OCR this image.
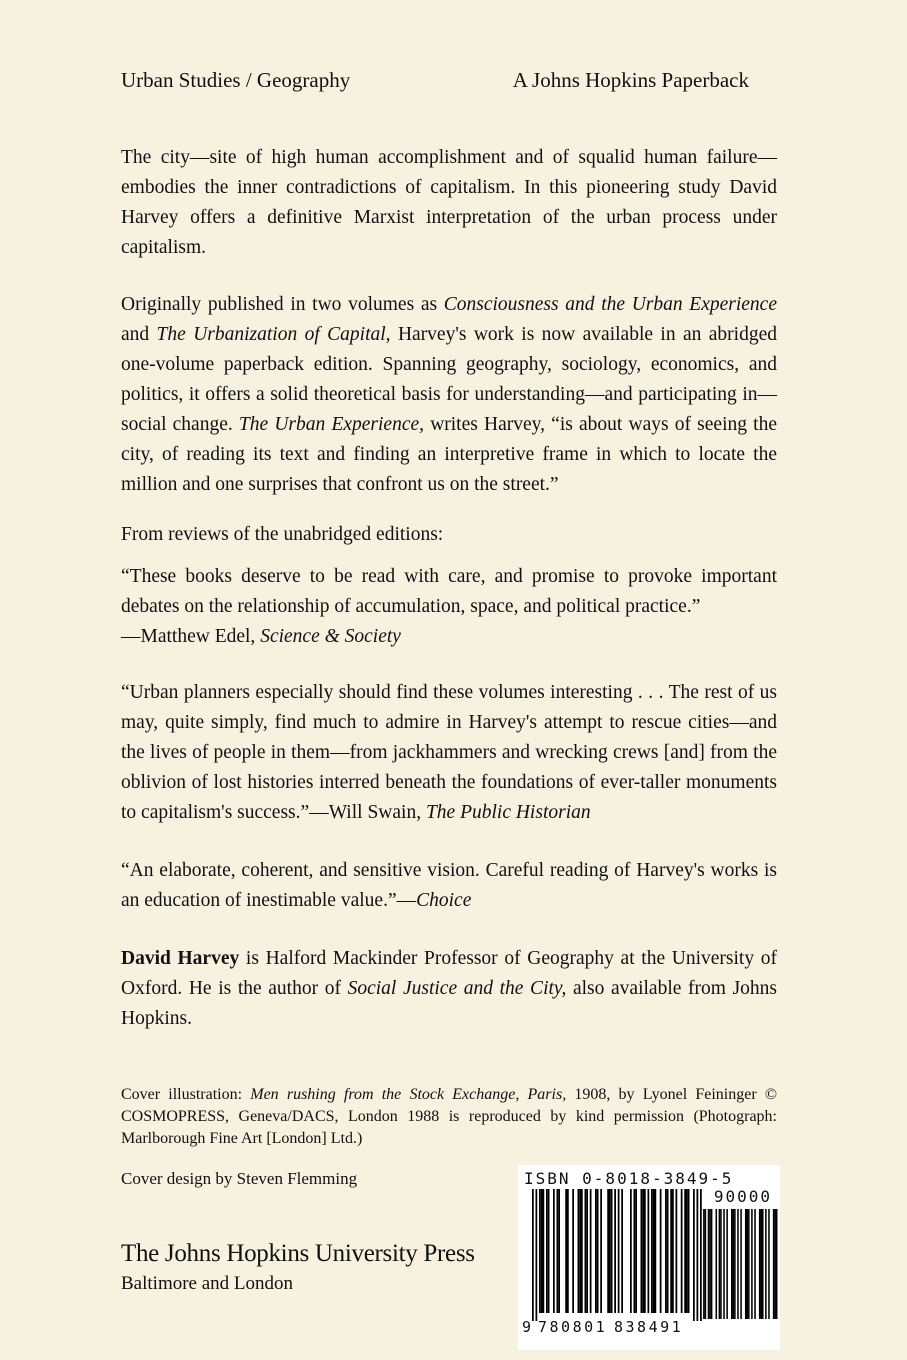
Urban Studies / Geography	A Johns Hopkins Paperback

The city—site of high human accomplishment and of squalid human failure—embodies the inner contradictions of capitalism. In this pioneering study David Harvey offers a definitive Marxist interpretation of the urban process under capitalism.

Originally published in two volumes as Consciousness and the Urban Experience and The Urbanization of Capital, Harvey's work is now available in an abridged one-volume paperback edition. Spanning geography, sociology, economics, and politics, it offers a solid theoretical basis for understanding—and participating in—social change. The Urban Experience, writes Harvey, “is about ways of seeing the city, of reading its text and finding an interpretive frame in which to locate the million and one surprises that confront us on the street.”

From reviews of the unabridged editions:

“These books deserve to be read with care, and promise to provoke important debates on the relationship of accumulation, space, and political practice.”
—Matthew Edel, Science & Society

“Urban planners especially should find these volumes interesting . . . The rest of us may, quite simply, find much to admire in Harvey's attempt to rescue cities—and the lives of people in them—from jackhammers and wrecking crews [and] from the oblivion of lost histories interred beneath the foundations of ever-taller monuments to capitalism's success.”—Will Swain, The Public Historian

“An elaborate, coherent, and sensitive vision. Careful reading of Harvey's works is an education of inestimable value.”—Choice

David Harvey is Halford Mackinder Professor of Geography at the University of Oxford. He is the author of Social Justice and the City, also available from Johns Hopkins.

Cover illustration: Men rushing from the Stock Exchange, Paris, 1908, by Lyonel Feininger © COSMOPRESS, Geneva/DACS, London 1988 is reproduced by kind permission (Photograph: Marlborough Fine Art [London] Ltd.)
Cover design by Steven Flemming
The Johns Hopkins University Press
Baltimore and London
ISBN 0-8018-3849-5
90000
9 780801 838491
